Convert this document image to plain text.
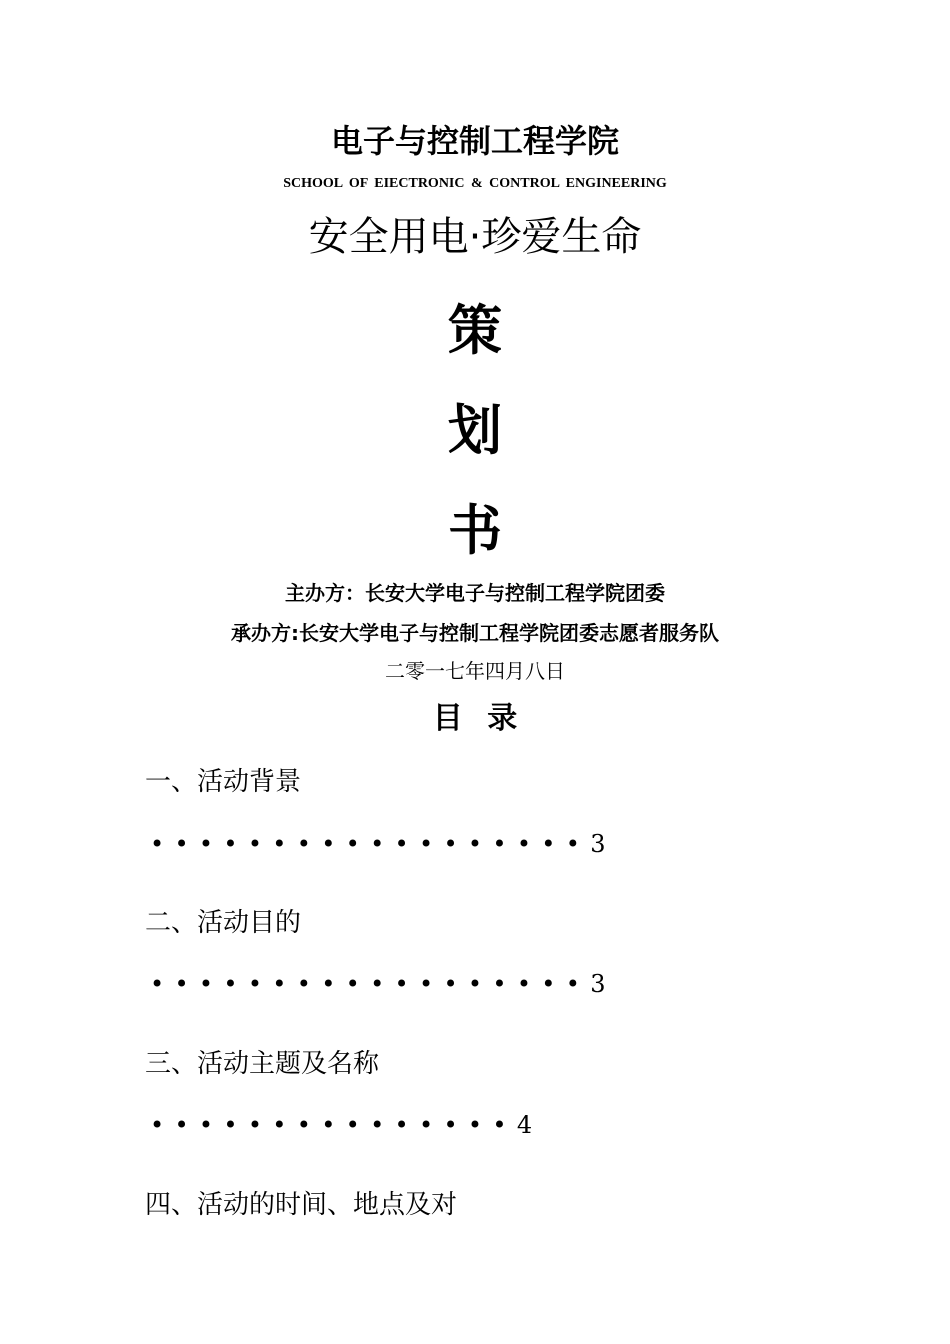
电子与控制工程学院
SCHOOL OF EIECTRONIC & CONTROL ENGINEERING
安全用电·珍爱生命
策
划
书
主办方：长安大学电子与控制工程学院团委
承办方:长安大学电子与控制工程学院团委志愿者服务队
二零一七年四月八日
目 录
一、活动背景
••••••••••••••••••3
二、活动目的
••••••••••••••••••3
三、活动主题及名称
•••••••••••••••4
四、活动的时间、地点及对
